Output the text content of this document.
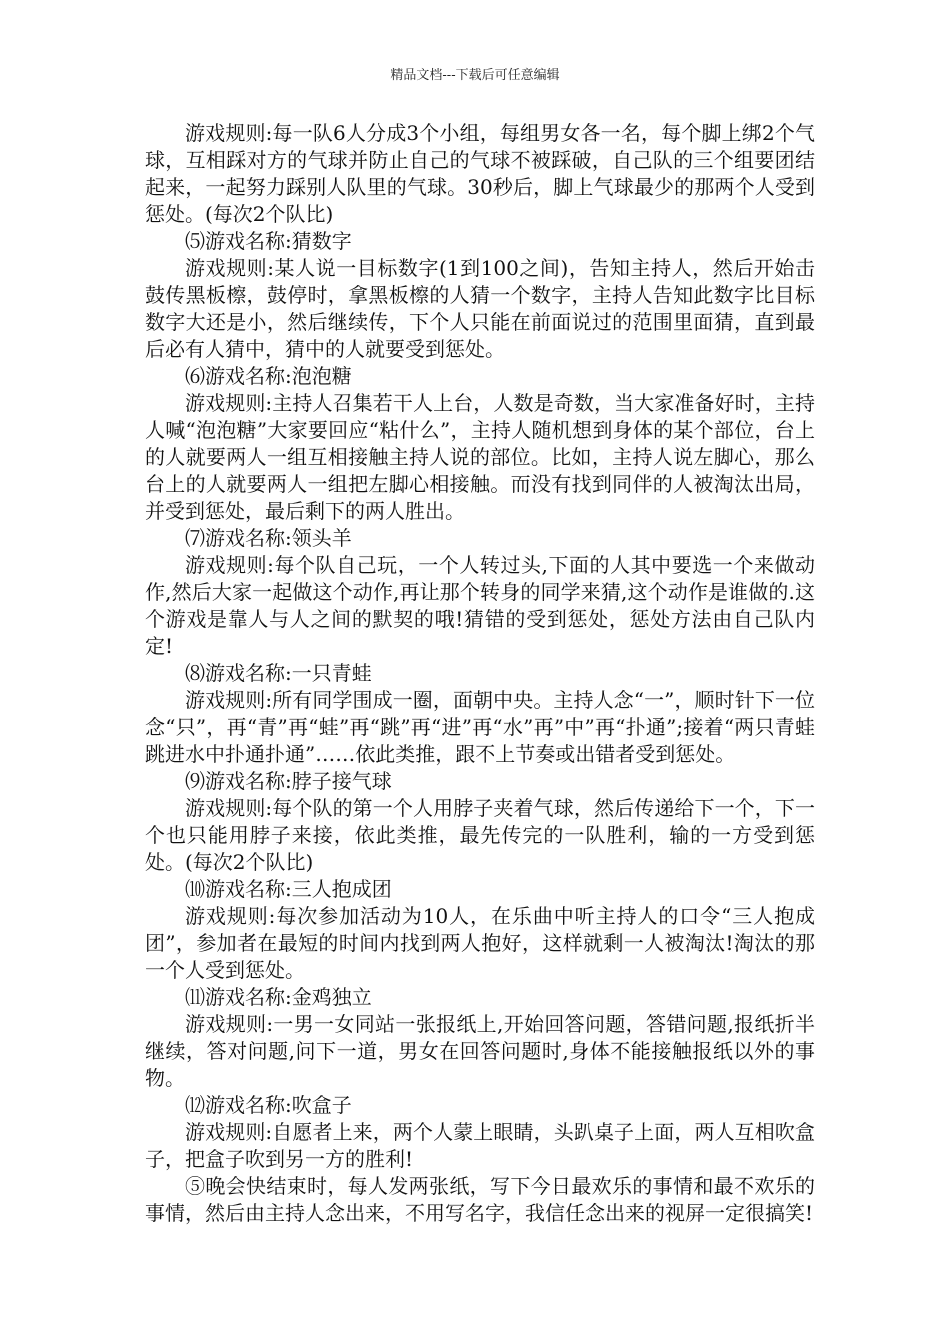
精品文档---下载后可任意编辑

游戏规则:每一队6人分成3个小组，每组男女各一名，每个脚上绑2个气球，互相踩对方的气球并防止自己的气球不被踩破，自己队的三个组要团结起来，一起努力踩别人队里的气球。30秒后，脚上气球最少的那两个人受到惩处。(每次2个队比)

⑸游戏名称:猜数字

游戏规则:某人说一目标数字(1到100之间)，告知主持人，然后开始击鼓传黑板檫，鼓停时，拿黑板檫的人猜一个数字，主持人告知此数字比目标数字大还是小，然后继续传，下个人只能在前面说过的范围里面猜，直到最后必有人猜中，猜中的人就要受到惩处。

⑹游戏名称:泡泡糖

游戏规则:主持人召集若干人上台，人数是奇数，当大家准备好时，主持人喊“泡泡糖”大家要回应“粘什么”，主持人随机想到身体的某个部位，台上的人就要两人一组互相接触主持人说的部位。比如，主持人说左脚心，那么台上的人就要两人一组把左脚心相接触。而没有找到同伴的人被淘汰出局，并受到惩处，最后剩下的两人胜出。

⑺游戏名称:领头羊

游戏规则:每个队自己玩，一个人转过头,下面的人其中要选一个来做动作,然后大家一起做这个动作,再让那个转身的同学来猜,这个动作是谁做的.这个游戏是靠人与人之间的默契的哦!猜错的受到惩处，惩处方法由自己队内定!

⑻游戏名称:一只青蛙

游戏规则:所有同学围成一圈，面朝中央。主持人念“一”，顺时针下一位念“只”，再“青”再“蛙”再“跳”再“进”再“水”再”中”再“扑通”;接着“两只青蛙跳进水中扑通扑通”……依此类推，跟不上节奏或出错者受到惩处。

⑼游戏名称:脖子接气球

游戏规则:每个队的第一个人用脖子夹着气球，然后传递给下一个，下一个也只能用脖子来接，依此类推，最先传完的一队胜利，输的一方受到惩处。(每次2个队比)

⑽游戏名称:三人抱成团

游戏规则:每次参加活动为10人，在乐曲中听主持人的口令“三人抱成团”，参加者在最短的时间内找到两人抱好，这样就剩一人被淘汰!淘汰的那一个人受到惩处。

⑾游戏名称:金鸡独立

游戏规则:一男一女同站一张报纸上,开始回答问题，答错问题,报纸折半继续，答对问题,问下一道，男女在回答问题时,身体不能接触报纸以外的事物。

⑿游戏名称:吹盒子

游戏规则:自愿者上来，两个人蒙上眼睛，头趴桌子上面，两人互相吹盒子，把盒子吹到另一方的胜利!

⑤晚会快结束时，每人发两张纸，写下今日最欢乐的事情和最不欢乐的事情，然后由主持人念出来，不用写名字，我信任念出来的视屏一定很搞笑!
